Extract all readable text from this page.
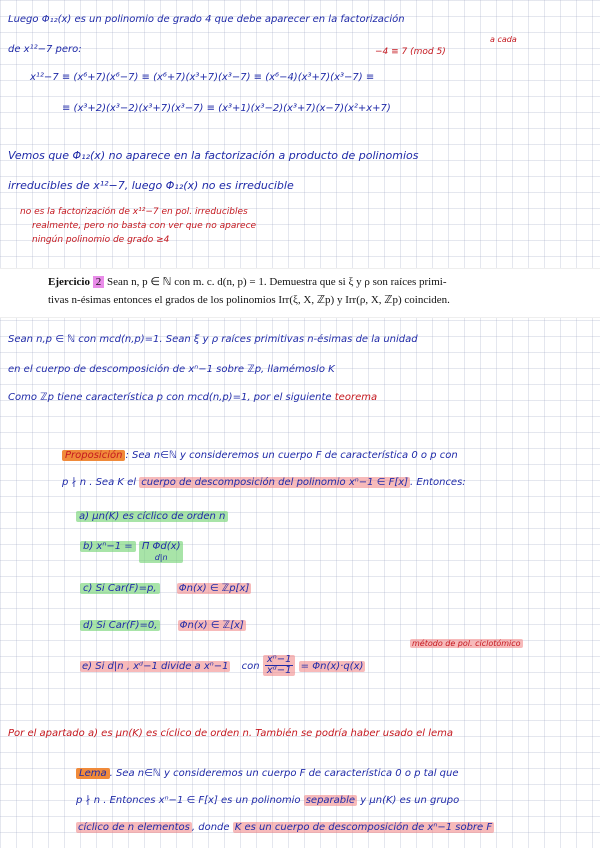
Luego Φ₁₂(x) es un polinomio de grado 4 que debe aparecer en la factorización
a cada
de x¹²−7 pero:	−4 ≡ 7 (mod 5)
x¹²−7 ≡ (x⁶+7)(x⁶−7) ≡ (x⁶+7)(x³+7)(x³−7) ≡ (x⁶−4)(x³+7)(x³−7) ≡
≡ (x³+2)(x³−2)(x³+7)(x³−7) ≡ (x³+1)(x³−2)(x³+7)(x−7)(x²+x+7)
Vemos que Φ₁₂(x) no aparece en la factorización a producto de polinomios
irreducibles de x¹²−7, luego Φ₁₂(x) no es irreducible
no es la factorización de x¹²−7 en pol. irreducibles
realmente, pero no basta con ver que no aparece
ningún polinomio de grado ≥4
Ejercicio 2 Sean n, p ∈ ℕ con m. c. d(n, p) = 1. Demuestra que si ξ y ρ son raíces primi-
tivas n-ésimas entonces el grados de los polinomios Irr(ξ, X, ℤp) y Irr(ρ, X, ℤp) coinciden.
Sean n,p ∈ ℕ con mcd(n,p)=1. Sean ξ y ρ raíces primitivas n-ésimas de la unidad
en el cuerpo de descomposición de xⁿ−1 sobre ℤp, llamémoslo K
Como ℤp tiene característica p con mcd(n,p)=1, por el siguiente teorema
Proposición : Sea n∈ℕ y consideremos un cuerpo F de característica 0 o p con
p ∤ n . Sea K el cuerpo de descomposición del polinomio xⁿ−1 ∈ F[x] . Entonces:
a) μn(K) es cíclico de orden n
b) xⁿ−1 = Π Φd(x)
d|n
c) Si Car(F)=p, Φn(x) ∈ ℤp[x]
d) Si Car(F)=0, Φn(x) ∈ ℤ[x]
método de pol. ciclotómico
e) Si d|n , xᵈ−1 divide a xⁿ−1 con $\frac{\text{xⁿ−1}}{\text{xᵈ−1}} = \Phi n(x)\cdot q(x)$
Por el apartado a) es μn(K) es cíclico de orden n. También se podría haber usado el lema
Lema . Sea n∈ℕ y consideremos un cuerpo F de característica 0 o p tal que
p ∤ n . Entonces xⁿ−1 ∈ F[x] es un polinomio separable y μn(K) es un grupo
cíclico de n elementos , donde K es un cuerpo de descomposición de xⁿ−1 sobre F
